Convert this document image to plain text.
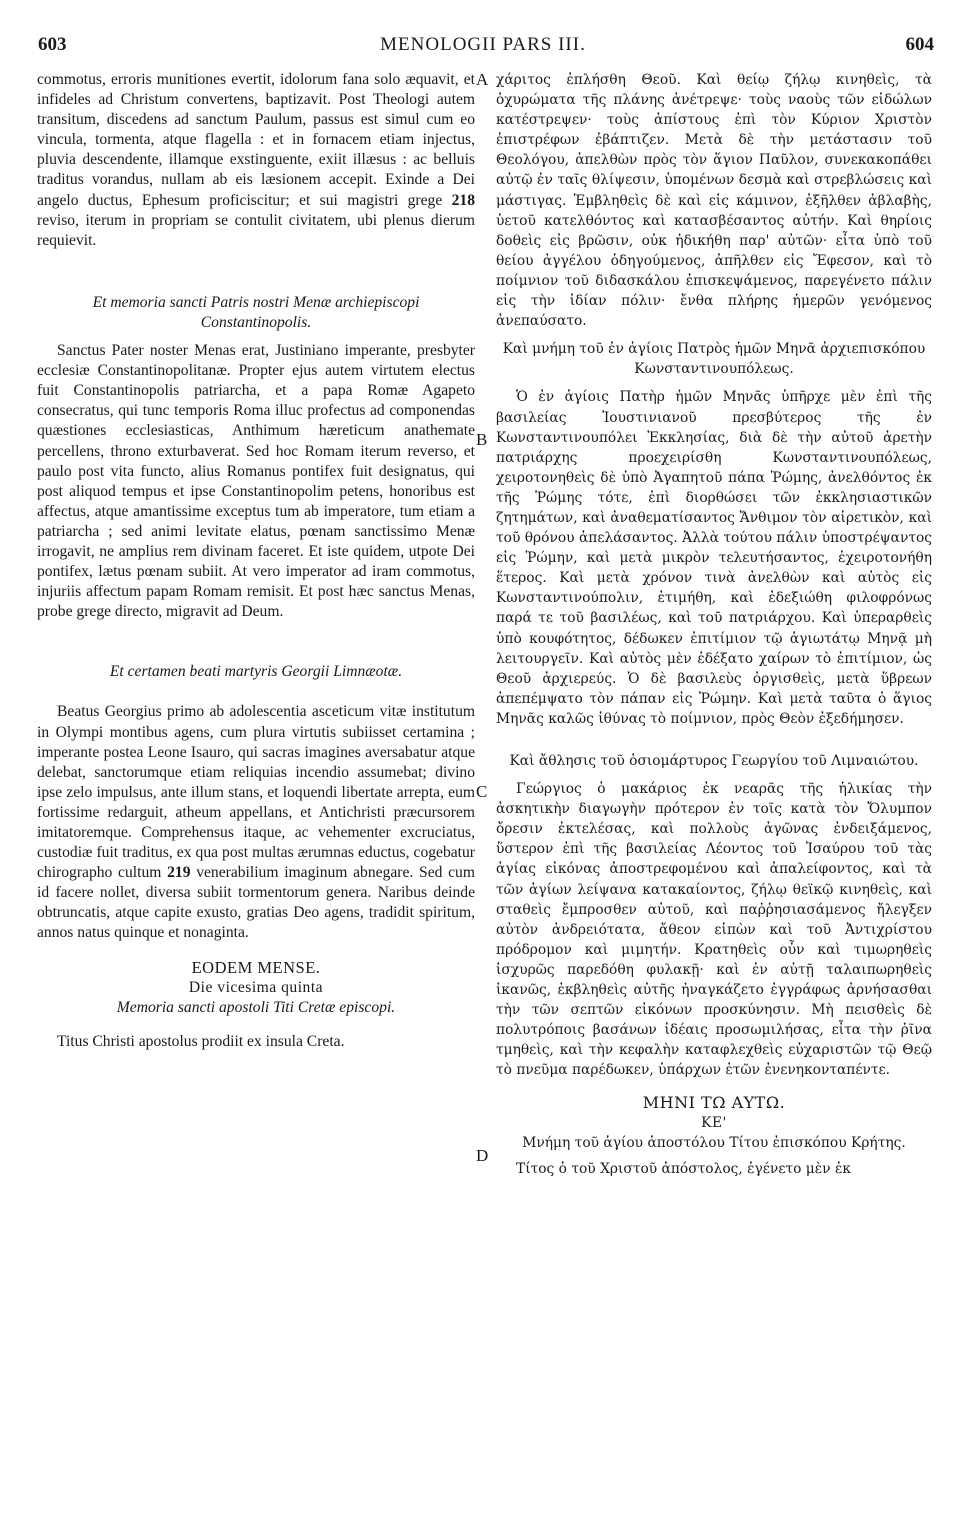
603	MENOLOGII PARS III.	604
A
B
C
D

commotus, erroris munitiones evertit, idolorum fana solo æquavit, et infideles ad Christum convertens, baptizavit. Post Theologi autem transitum, discedens ad sanctum Paulum, passus est simul cum eo vincula, tormenta, atque flagella : et in fornacem etiam injectus, pluvia descendente, illamque exstinguente, exiit illæsus : ac belluis traditus vorandus, nullam ab eis læsionem accepit. Exinde a Dei angelo ductus, Ephesum proficiscitur; et sui magistri grege 218 reviso, iterum in propriam se contulit civitatem, ubi plenus dierum requievit.

Et memoria sancti Patris nostri Menæ archiepiscopi Constantinopolis.

Sanctus Pater noster Menas erat, Justiniano imperante, presbyter ecclesiæ Constantinopolitanæ. Propter ejus autem virtutem electus fuit Constantinopolis patriarcha, et a papa Romæ Agapeto consecratus, qui tunc temporis Roma illuc profectus ad componendas quæstiones ecclesiasticas, Anthimum hæreticum anathemate percellens, throno exturbaverat. Sed hoc Romam iterum reverso, et paulo post vita functo, alius Romanus pontifex fuit designatus, qui post aliquod tempus et ipse Constantinopolim petens, honoribus est affectus, atque amantissime exceptus tum ab imperatore, tum etiam a patriarcha ; sed animi levitate elatus, pœnam sanctissimo Menæ irrogavit, ne amplius rem divinam faceret. Et iste quidem, utpote Dei pontifex, lætus pœnam subiit. At vero imperator ad iram commotus, injuriis affectum papam Romam remisit. Et post hæc sanctus Menas, probe grege directo, migravit ad Deum.

Et certamen beati martyris Georgii Limnæotæ.

Beatus Georgius primo ab adolescentia asceticum vitæ institutum in Olympi montibus agens, cum plura virtutis subiisset certamina ; imperante postea Leone Isauro, qui sacras imagines aversabatur atque delebat, sanctorumque etiam reliquias incendio assumebat; divino ipse zelo impulsus, ante illum stans, et loquendi libertate arrepta, eum fortissime redarguit, atheum appellans, et Antichristi præcursorem imitatoremque. Comprehensus itaque, ac vehementer excruciatus, custodiæ fuit traditus, ex qua post multas ærumnas eductus, cogebatur chirographo cultum 219 venerabilium imaginum abnegare. Sed cum id facere nollet, diversa subiit tormentorum genera. Naribus deinde obtruncatis, atque capite exusto, gratias Deo agens, tradidit spiritum, annos natus quinque et nonaginta.

EODEM MENSE.

Die vicesima quinta

Memoria sancti apostoli Titi Cretæ episcopi.

Titus Christi apostolus prodiit ex insula Creta.

χάριτος ἐπλήσθη Θεοῦ. Καὶ θείῳ ζήλῳ κινηθεὶς, τὰ ὀχυρώματα τῆς πλάνης ἀνέτρεψε· τοὺς ναοὺς τῶν εἰδώλων κατέστρεψεν· τοὺς ἀπίστους ἐπὶ τὸν Κύριον Χριστὸν ἐπιστρέφων ἐβάπτιζεν. Μετὰ δὲ τὴν μετάστασιν τοῦ Θεολόγου, ἀπελθὼν πρὸς τὸν ἅγιον Παῦλον, συνεκακοπάθει αὐτῷ ἐν ταῖς θλίψεσιν, ὑπομένων δεσμὰ καὶ στρεβλώσεις καὶ μάστιγας. Ἐμβληθεὶς δὲ καὶ εἰς κάμινον, ἐξῆλθεν ἀβλαβὴς, ὑετοῦ κατελθόντος καὶ κατασβέσαντος αὐτήν. Καὶ θηρίοις δοθεὶς εἰς βρῶσιν, οὐκ ἠδικήθη παρ' αὐτῶν· εἶτα ὑπὸ τοῦ θείου ἀγγέλου ὁδηγούμενος, ἀπῆλθεν εἰς Ἔφεσον, καὶ τὸ ποίμνιον τοῦ διδασκάλου ἐπισκεψάμενος, παρεγένετο πάλιν εἰς τὴν ἰδίαν πόλιν· ἔνθα πλήρης ἡμερῶν γενόμενος ἀνεπαύσατο.

Καὶ μνήμη τοῦ ἐν ἁγίοις Πατρὸς ἡμῶν Μηνᾶ ἀρχιεπισκόπου Κωνσταντινουπόλεως.

Ὁ ἐν ἁγίοις Πατὴρ ἡμῶν Μηνᾶς ὑπῆρχε μὲν ἐπὶ τῆς βασιλείας Ἰουστινιανοῦ πρεσβύτερος τῆς ἐν Κωνσταντινουπόλει Ἐκκλησίας, διὰ δὲ τὴν αὐτοῦ ἀρετὴν πατριάρχης προεχειρίσθη Κωνσταντινουπόλεως, χειροτονηθεὶς δὲ ὑπὸ Ἀγαπητοῦ πάπα Ῥώμης, ἀνελθόντος ἐκ τῆς Ῥώμης τότε, ἐπὶ διορθώσει τῶν ἐκκλησιαστικῶν ζητημάτων, καὶ ἀναθεματίσαντος Ἄνθιμον τὸν αἱρετικὸν, καὶ τοῦ θρόνου ἀπελάσαντος. Ἀλλὰ τούτου πάλιν ὑποστρέψαντος εἰς Ῥώμην, καὶ μετὰ μικρὸν τελευτήσαντος, ἐχειροτονήθη ἕτερος. Καὶ μετὰ χρόνον τινὰ ἀνελθὼν καὶ αὐτὸς εἰς Κωνσταντινούπολιν, ἐτιμήθη, καὶ ἐδεξιώθη φιλοφρόνως παρά τε τοῦ βασιλέως, καὶ τοῦ πατριάρχου. Καὶ ὑπεραρθεὶς ὑπὸ κουφότητος, δέδωκεν ἐπιτίμιον τῷ ἁγιωτάτῳ Μηνᾷ μὴ λειτουργεῖν. Καὶ αὐτὸς μὲν ἐδέξατο χαίρων τὸ ἐπιτίμιον, ὡς Θεοῦ ἀρχιερεύς. Ὁ δὲ βασιλεὺς ὀργισθεὶς, μετὰ ὕβρεων ἀπεπέμψατο τὸν πάπαν εἰς Ῥώμην. Καὶ μετὰ ταῦτα ὁ ἅγιος Μηνᾶς καλῶς ἰθύνας τὸ ποίμνιον, πρὸς Θεὸν ἐξεδήμησεν.

Καὶ ἄθλησις τοῦ ὁσιομάρτυρος Γεωργίου τοῦ Λιμναιώτου.

Γεώργιος ὁ μακάριος ἐκ νεαρᾶς τῆς ἡλικίας τὴν ἀσκητικὴν διαγωγὴν πρότερον ἐν τοῖς κατὰ τὸν Ὄλυμπον ὄρεσιν ἐκτελέσας, καὶ πολλοὺς ἀγῶνας ἐνδειξάμενος, ὕστερον ἐπὶ τῆς βασιλείας Λέοντος τοῦ Ἰσαύρου τοῦ τὰς ἁγίας εἰκόνας ἀποστρεφομένου καὶ ἀπαλείφοντος, καὶ τὰ τῶν ἁγίων λείψανα κατακαίοντος, ζήλῳ θεϊκῷ κινηθεὶς, καὶ σταθεὶς ἔμπροσθεν αὐτοῦ, καὶ παῤῥησιασάμενος ἤλεγξεν αὐτὸν ἀνδρειότατα, ἄθεον εἰπὼν καὶ τοῦ Ἀντιχρίστου πρόδρομον καὶ μιμητήν. Κρατηθεὶς οὖν καὶ τιμωρηθεὶς ἰσχυρῶς παρεδόθη φυλακῇ· καὶ ἐν αὐτῇ ταλαιπωρηθεὶς ἱκανῶς, ἐκβληθεὶς αὐτῆς ἠναγκάζετο ἐγγράφως ἀρνήσασθαι τὴν τῶν σεπτῶν εἰκόνων προσκύνησιν. Μὴ πεισθεὶς δὲ πολυτρόποις βασάνων ἰδέαις προσωμιλήσας, εἶτα τὴν ῥῖνα τμηθεὶς, καὶ τὴν κεφαλὴν καταφλεχθεὶς εὐχαριστῶν τῷ Θεῷ τὸ πνεῦμα παρέδωκεν, ὑπάρχων ἐτῶν ἐνενηκονταπέντε.

ΜΗΝΙ ΤΩ ΑΥΤΩ.

ΚΕ'

Μνήμη τοῦ ἁγίου ἀποστόλου Τίτου ἐπισκόπου Κρήτης.

Τίτος ὁ τοῦ Χριστοῦ ἀπόστολος, ἐγένετο μὲν ἐκ
